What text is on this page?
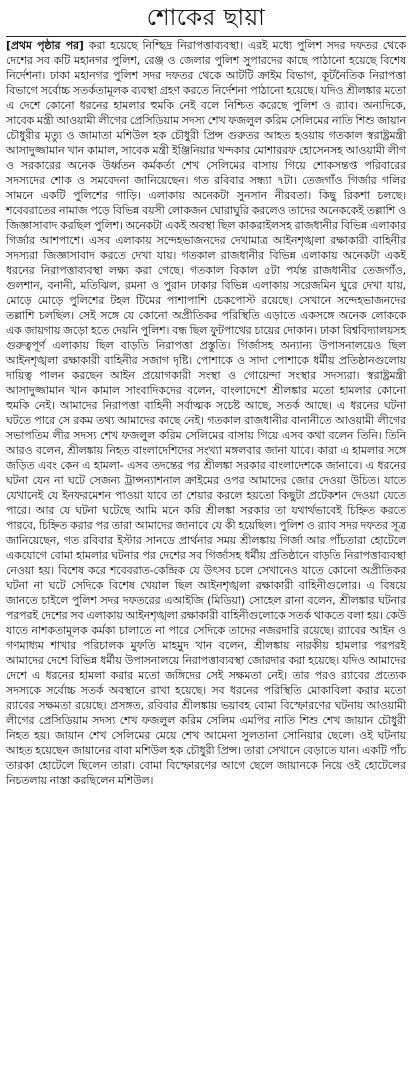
শোকের ছায়া
[প্রথম পৃষ্ঠার পর] করা হয়েছে নিশ্ছিদ্র নিরাপত্তাব্যবস্থা। এরই মধ্যে পুলিশ সদর দফতর থেকে দেশের সব কটি মহানগর পুলিশ, রেঞ্জ ও জেলার পুলিশ সুপারদের কাছে পাঠানো হয়েছে বিশেষ নির্দেশনা। ঢাকা মহানগর পুলিশ সদর দফতর থেকে আটটি ক্রাইম বিভাগ, কূটনৈতিক নিরাপত্তা বিভাগে সর্বোচ্চ সতর্কতামূলক ব্যবস্থা গ্রহণ করতে নির্দেশনা পাঠানো হয়েছে। যদিও শ্রীলঙ্কার মতো এ দেশে কোনো ধরনের হামলার হুমকি নেই বলে নিশ্চিত করেছে পুলিশ ও র‌্যাব। অন্যদিকে, সাবেক মন্ত্রী আওয়ামী লীগের প্রেসিডিয়াম সদস্য শেখ ফজলুল করিম সেলিমের নাতি শিশু জায়ান চৌধুরীর মৃত্যু ও জামাতা মশিউল হক চৌধুরী প্রিন্স গুরুতর আহত হওয়ায় গতকাল স্বরাষ্ট্রমন্ত্রী আসাদুজ্জামান খান কামাল, সাবেক মন্ত্রী ইঞ্জিনিয়ার খন্দকার মোশাররফ হোসেনসহ আওয়ামী লীগ ও সরকারের অনেক উর্ধ্বতন কর্মকর্তা শেখ সেলিমের বাসায় গিয়ে শোকসন্তপ্ত পরিবারের সদস্যদের শোক ও সমবেদনা জানিয়েছেন। গত রবিবার সন্ধ্যা ৭টা। তেজগাঁও গির্জার গলির সামনে একটি পুলিশের গাড়ি। এলাকায় অনেকটা সুনসান নীরবতা। কিছু রিকশা চলছে। শবেবরাতের নামাজ পড়ে বিভিন্ন বয়সী লোকজন ঘোরাঘুরি করলেও তাদের অনেককেই তল্লাশি ও জিজ্ঞাসাবাদ করছিল পুলিশ। অনেকটা একই অবস্থা ছিল কাকরাইলসহ রাজধানীর বিভিন্ন এলাকার গির্জার আশপাশে। এসব এলাকায় সন্দেহভাজনদের দেখামাত্র আইনশৃঙ্খলা রক্ষাকারী বাহিনীর সদস্যরা জিজ্ঞাসাবাদ করতে দেখা যায়। গতকাল রাজধানীর বিভিন্ন এলাকায় অনেকটা একই ধরনের নিরাপত্তাব্যবস্থা লক্ষ্য করা গেছে। গতকাল বিকাল ৫টা পর্যন্ত রাজধানীর তেজগাঁও, গুলশান, বনানী, মতিঝিল, রমনা ও পুরান ঢাকার বিভিন্ন এলাকায় সরেজমিন ঘুরে দেখা যায়, মোড়ে মোড়ে পুলিশের টহল টিমের পাশাপাশি চেকপোস্ট রয়েছে। সেখানে সন্দেহভাজনদের তল্লাশি চলছিল। সেই সঙ্গে যে কোনো অপ্রীতিকর পরিস্থিতি এড়াতে একসঙ্গে অনেক লোককে এক জায়গায় জড়ো হতে দেয়নি পুলিশ। বন্ধ ছিল ফুটপাথের চায়ের দোকান। ঢাকা বিশ্ববিদ্যালয়সহ গুরুত্বপূর্ণ এলাকায় ছিল বাড়তি নিরাপত্তা প্রস্তুতি। গির্জাসহ অন্যান্য উপাসনালয়েও ছিল আইনশৃঙ্খলা রক্ষাকারী বাহিনীর সজাগ দৃষ্টি। পোশাকে ও সাদা পোশাকে ধর্মীয় প্রতিষ্ঠানগুলোয় দায়িত্ব পালন করছেন আইন প্রয়োগকারী সংস্থা ও গোয়েন্দা সংস্থার সদস্যরা। স্বরাষ্ট্রমন্ত্রী আসাদুজ্জামান খান কামাল সাংবাদিকদের বলেন, বাংলাদেশে শ্রীলঙ্কার মতো হামলার কোনো হুমকি নেই। আমাদের নিরাপত্তা বাহিনী সর্বাত্মক সচেষ্ট আছে, সতর্ক আছে। এ ধরনের ঘটনা ঘটতে পারে সে রকম তথ্য আমাদের কাছে নেই। গতকাল রাজধানীর বানানীতে আওয়ামী লীগের সভাপতিম লীর সদস্য শেখ ফজলুল করিম সেলিমের বাসায় গিয়ে এসব কথা বলেন তিনি। তিনি আরও বলেন, শ্রীলঙ্কায় নিহত বাংলাদেশিদের সংখ্যা মঙ্গলবার জানা যাবে। কারা এ হামলার সঙ্গে জড়িত এবং কেন এ হামলা- এসব তদন্তের পর শ্রীলঙ্কা সরকার বাংলাদেশকে জানাবে। এ ধরনের ঘটনা যেন না ঘটে সেজন্য ট্রান্সন্যাশনাল ক্রাইমের ওপর আমাদের জোর দেওয়া উচিত। যাতে যেখানেই যে ইনফরমেশন পাওয়া যাবে তা শেয়ার করলে হয়তো কিছুটা প্রটেকশন দেওয়া যেতে পারে। আর যে ঘটনা ঘটেছে আমি মনে করি শ্রীলঙ্কা সরকার তা যথার্থভাবেই চিহ্নিত করতে পারবে, চিহ্নিত করার পর তারা আমাদের জানাবে যে কী হয়েছিল। পুলিশ ও র‌্যাব সদর দফতর সূত্র জানিয়েছেন, গত রবিবার ইস্টার সানডে প্রার্থনার সময় শ্রীলঙ্কায় গির্জা আর পাঁচতারা হোটেলে একযোগে বোমা হামলার ঘটনার পর দেশের সব গির্জাসহ ধর্মীয় প্রতিষ্ঠানে বাড়তি নিরাপত্তাব্যবস্থা নেওয়া হয়। বিশেষ করে শবেবরাত-কেন্দ্রিক যে উৎসব চলে সেখানেও যাতে কোনো অপ্রীতিকর ঘটনা না ঘটে সেদিকে বিশেষ খেয়াল ছিল আইনশৃঙ্খলা রক্ষাকারী বাহিনীগুলোর। এ বিষয়ে জানতে চাইলে পুলিশ সদর দফতরের এআইজি (মিডিয়া) সোহেল রানা বলেন, শ্রীলঙ্কার ঘটনার পরপরই দেশের সব এলাকায় আইনশৃঙ্খলা রক্ষাকারী বাহিনীগুলোকে সতর্ক থাকতে বলা হয়। কেউ যাতে নাশকতামূলক কর্মকা চালাতে না পারে সেদিকে তাদের নজরদারি রয়েছে। র‌্যাবের আইন ও গণমাধ্যম শাখার পরিচালক মুফতি মাহমুদ খান বলেন, শ্রীলঙ্কায় নারকীয় হামলার পরপরই আমাদের দেশে বিভিন্ন ধর্মীয় উপাসনালয়ে নিরাপত্তাব্যবস্থা জোরদার করা হয়েছে। যদিও আমাদের দেশে এ ধরনের হামলা করার মতো জঙ্গিদের সেই সক্ষমতা নেই। তার পরও র‌্যাবের প্রত্যেক সদস্যকে সর্বোচ্চ সতর্ক অবস্থানে রাখা হয়েছে। সব ধরনের পরিস্থিতি মোকাবিলা করার মতো র‌্যাবের সক্ষমতা রয়েছে। প্রসঙ্গত, রবিবার শ্রীলঙ্কায় ভয়াবহ বোমা বিস্ফোরণের ঘটনায় আওয়ামী লীগের প্রেসিডিয়াম সদস্য শেখ ফজলুল করিম সেলিম এমপির নাতি শিশু শেখ জায়ান চৌধুরী নিহত হয়। জায়ান শেখ সেলিমের মেয়ে শেখ আমেনা সুলতানা সোনিয়ার ছেলে। ওই ঘটনায় আহত হয়েছেন জায়ানের বাবা মশিউল হক চৌধুরী প্রিন্স। তারা সেখানে বেড়াতে যান। একটি পাঁচ তারকা হোটেলে ছিলেন তারা। বোমা বিস্ফোরণের আগে ছেলে জায়ানকে নিয়ে ওই হোটেলের নিচতলায় নাস্তা করছিলেন মশিউল।
